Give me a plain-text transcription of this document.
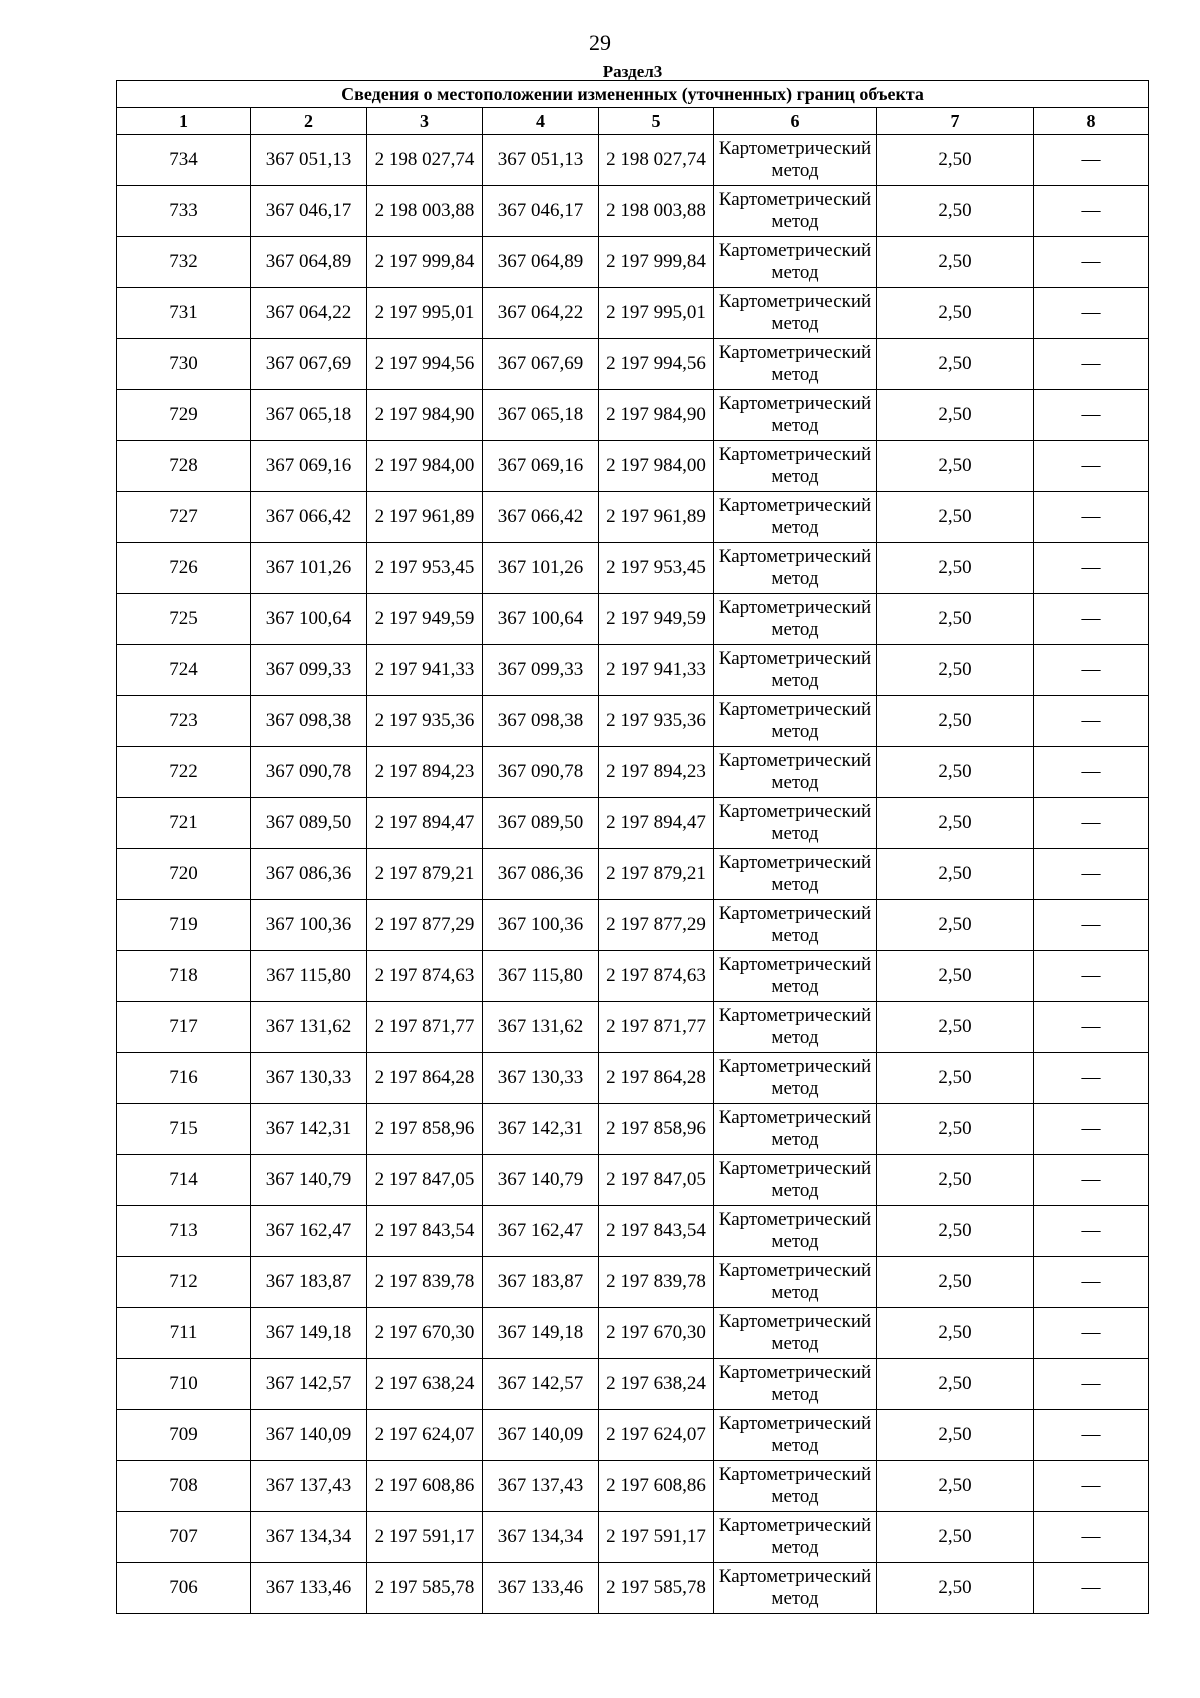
29
Раздел3
Сведения о местоположении измененных (уточненных) границ объекта							
1	2	3	4	5	6	7	8
734	367 051,13	2 198 027,74	367 051,13	2 198 027,74	Картометрический метод	2,50	—
733	367 046,17	2 198 003,88	367 046,17	2 198 003,88	Картометрический метод	2,50	—
732	367 064,89	2 197 999,84	367 064,89	2 197 999,84	Картометрический метод	2,50	—
731	367 064,22	2 197 995,01	367 064,22	2 197 995,01	Картометрический метод	2,50	—
730	367 067,69	2 197 994,56	367 067,69	2 197 994,56	Картометрический метод	2,50	—
729	367 065,18	2 197 984,90	367 065,18	2 197 984,90	Картометрический метод	2,50	—
728	367 069,16	2 197 984,00	367 069,16	2 197 984,00	Картометрический метод	2,50	—
727	367 066,42	2 197 961,89	367 066,42	2 197 961,89	Картометрический метод	2,50	—
726	367 101,26	2 197 953,45	367 101,26	2 197 953,45	Картометрический метод	2,50	—
725	367 100,64	2 197 949,59	367 100,64	2 197 949,59	Картометрический метод	2,50	—
724	367 099,33	2 197 941,33	367 099,33	2 197 941,33	Картометрический метод	2,50	—
723	367 098,38	2 197 935,36	367 098,38	2 197 935,36	Картометрический метод	2,50	—
722	367 090,78	2 197 894,23	367 090,78	2 197 894,23	Картометрический метод	2,50	—
721	367 089,50	2 197 894,47	367 089,50	2 197 894,47	Картометрический метод	2,50	—
720	367 086,36	2 197 879,21	367 086,36	2 197 879,21	Картометрический метод	2,50	—
719	367 100,36	2 197 877,29	367 100,36	2 197 877,29	Картометрический метод	2,50	—
718	367 115,80	2 197 874,63	367 115,80	2 197 874,63	Картометрический метод	2,50	—
717	367 131,62	2 197 871,77	367 131,62	2 197 871,77	Картометрический метод	2,50	—
716	367 130,33	2 197 864,28	367 130,33	2 197 864,28	Картометрический метод	2,50	—
715	367 142,31	2 197 858,96	367 142,31	2 197 858,96	Картометрический метод	2,50	—
714	367 140,79	2 197 847,05	367 140,79	2 197 847,05	Картометрический метод	2,50	—
713	367 162,47	2 197 843,54	367 162,47	2 197 843,54	Картометрический метод	2,50	—
712	367 183,87	2 197 839,78	367 183,87	2 197 839,78	Картометрический метод	2,50	—
711	367 149,18	2 197 670,30	367 149,18	2 197 670,30	Картометрический метод	2,50	—
710	367 142,57	2 197 638,24	367 142,57	2 197 638,24	Картометрический метод	2,50	—
709	367 140,09	2 197 624,07	367 140,09	2 197 624,07	Картометрический метод	2,50	—
708	367 137,43	2 197 608,86	367 137,43	2 197 608,86	Картометрический метод	2,50	—
707	367 134,34	2 197 591,17	367 134,34	2 197 591,17	Картометрический метод	2,50	—
706	367 133,46	2 197 585,78	367 133,46	2 197 585,78	Картометрический метод	2,50	—
